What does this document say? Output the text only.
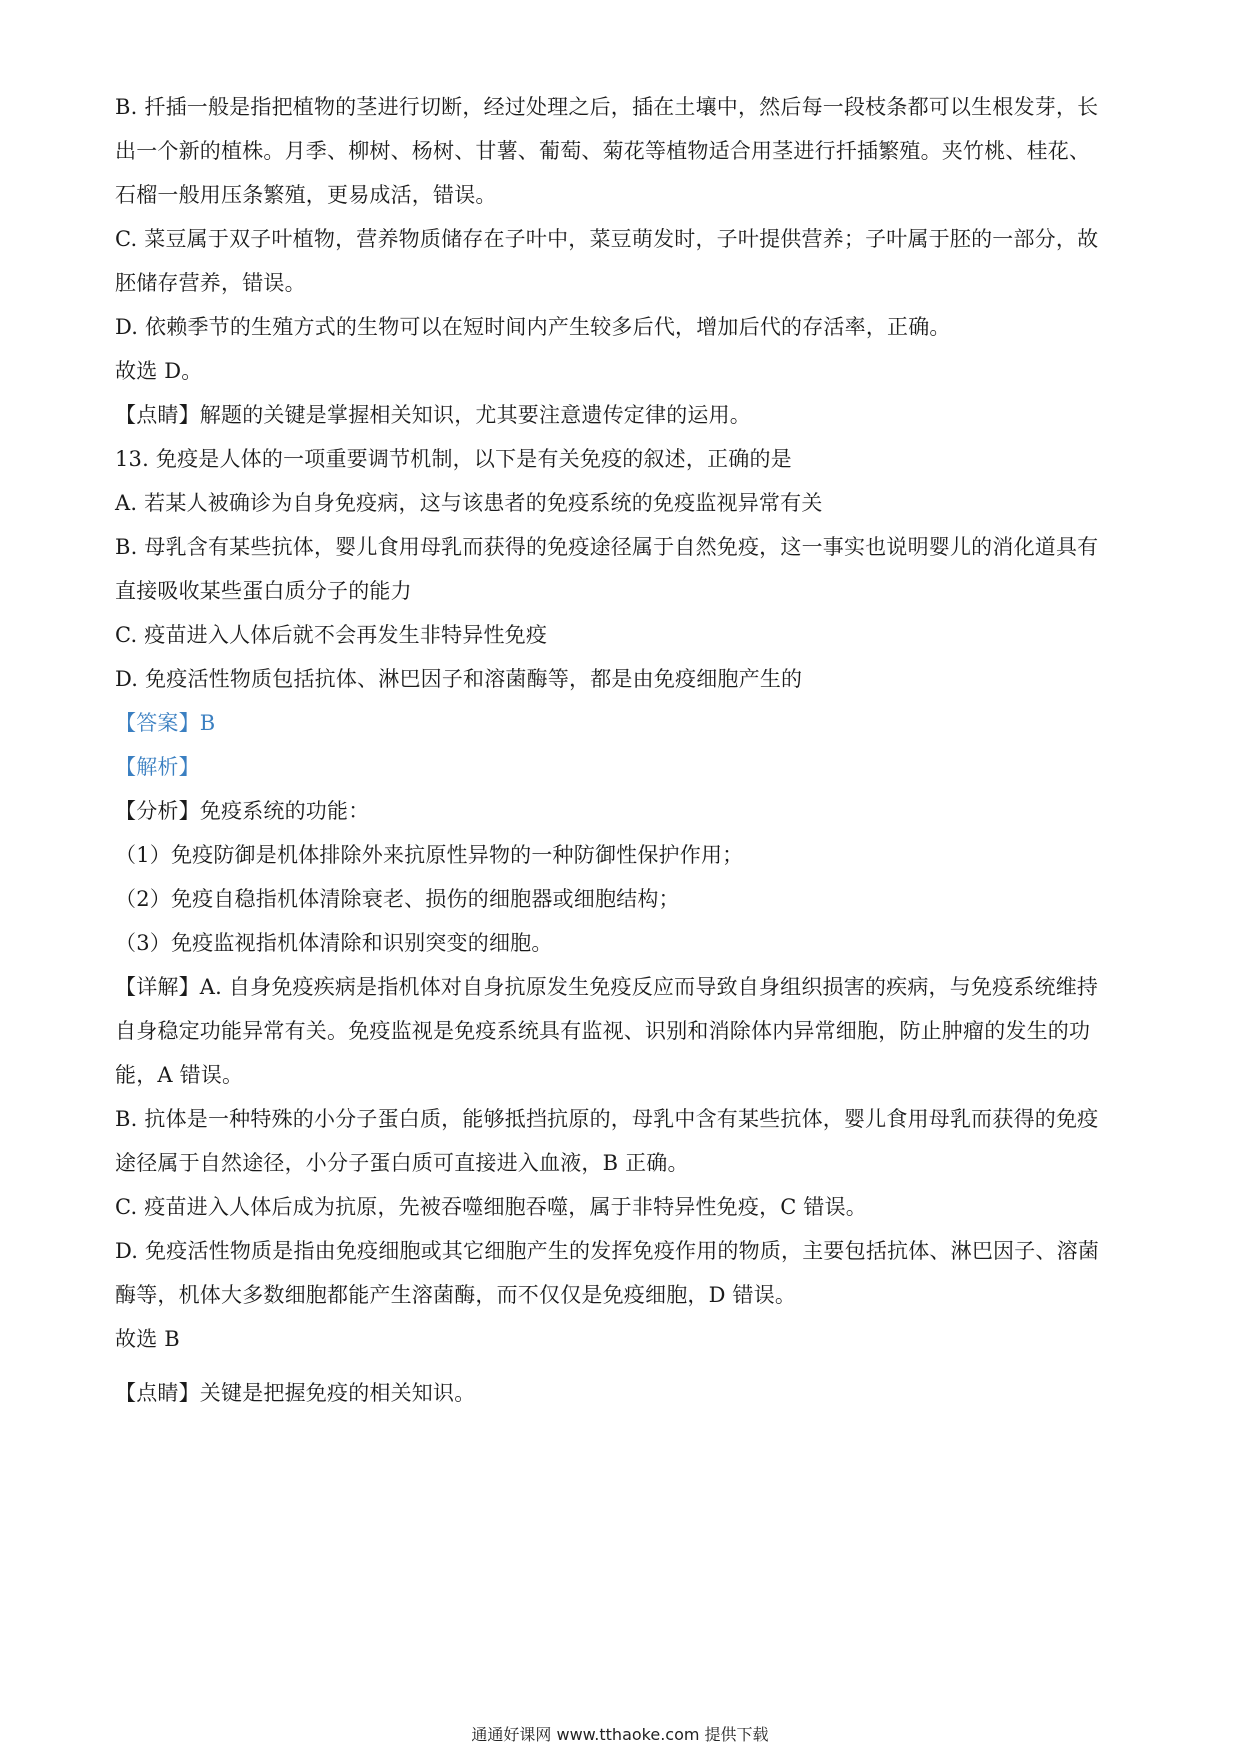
B. 扦插一般是指把植物的茎进行切断，经过处理之后，插在土壤中，然后每一段枝条都可以生根发芽，长
出一个新的植株。月季、柳树、杨树、甘薯、葡萄、菊花等植物适合用茎进行扦插繁殖。夹竹桃、桂花、
石榴一般用压条繁殖，更易成活，错误。
C. 菜豆属于双子叶植物，营养物质储存在子叶中，菜豆萌发时，子叶提供营养；子叶属于胚的一部分，故
胚储存营养，错误。
D. 依赖季节的生殖方式的生物可以在短时间内产生较多后代，增加后代的存活率，正确。
故选 D。
【点睛】解题的关键是掌握相关知识，尤其要注意遗传定律的运用。
13. 免疫是人体的一项重要调节机制，以下是有关免疫的叙述，正确的是
A. 若某人被确诊为自身免疫病，这与该患者的免疫系统的免疫监视异常有关
B. 母乳含有某些抗体，婴儿食用母乳而获得的免疫途径属于自然免疫，这一事实也说明婴儿的消化道具有
直接吸收某些蛋白质分子的能力
C. 疫苗进入人体后就不会再发生非特异性免疫
D. 免疫活性物质包括抗体、淋巴因子和溶菌酶等，都是由免疫细胞产生的
【答案】B
【解析】
【分析】免疫系统的功能：
（1）免疫防御是机体排除外来抗原性异物的一种防御性保护作用；
（2）免疫自稳指机体清除衰老、损伤的细胞器或细胞结构；
（3）免疫监视指机体清除和识别突变的细胞。
【详解】A. 自身免疫疾病是指机体对自身抗原发生免疫反应而导致自身组织损害的疾病，与免疫系统维持
自身稳定功能异常有关。免疫监视是免疫系统具有监视、识别和消除体内异常细胞，防止肿瘤的发生的功
能，A 错误。
B. 抗体是一种特殊的小分子蛋白质，能够抵挡抗原的，母乳中含有某些抗体，婴儿食用母乳而获得的免疫
途径属于自然途径，小分子蛋白质可直接进入血液，B 正确。
C. 疫苗进入人体后成为抗原，先被吞噬细胞吞噬，属于非特异性免疫，C 错误。
D. 免疫活性物质是指由免疫细胞或其它细胞产生的发挥免疫作用的物质，主要包括抗体、淋巴因子、溶菌
酶等，机体大多数细胞都能产生溶菌酶，而不仅仅是免疫细胞，D 错误。
故选 B
【点睛】关键是把握免疫的相关知识。
通通好课网 www.tthaoke.com 提供下载
